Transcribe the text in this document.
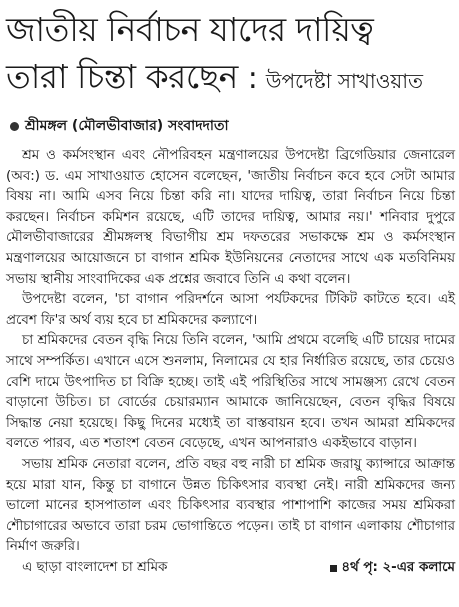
জাতীয় নির্বাচন যাদের দায়িত্ব
তারা চিন্তা করছেন : উপদেষ্টা সাখাওয়াত
শ্রীমঙ্গল (মৌলভীবাজার) সংবাদদাতা

শ্রম ও কর্মসংস্থান এবং নৌপরিবহন মন্ত্রণালয়ের উপদেষ্টা ব্রিগেডিয়ার জেনারেল (অব:) ড. এম সাখাওয়াত হোসেন বলেছেন, 'জাতীয় নির্বাচন কবে হবে সেটা আমার বিষয় না। আমি এসব নিয়ে চিন্তা করি না। যাদের দায়িত্ব, তারা নির্বাচন নিয়ে চিন্তা করছেন। নির্বাচন কমিশন রয়েছে, এটি তাদের দায়িত্ব, আমার নয়।' শনিবার দুপুরে মৌলভীবাজারের শ্রীমঙ্গলস্থ বিভাগীয় শ্রম দফতরের সভাকক্ষে শ্রম ও কর্মসংস্থান মন্ত্রণালয়ের আয়োজনে চা বাগান শ্রমিক ইউনিয়নের নেতাদের সাথে এক মতবিনিময় সভায় স্থানীয় সাংবাদিকের এক প্রশ্নের জবাবে তিনি এ কথা বলেন।

উপদেষ্টা বলেন, 'চা বাগান পরিদর্শনে আসা পর্যটকদের টিকিট কাটতে হবে। এই প্রবেশ ফি'র অর্থ ব্যয় হবে চা শ্রমিকদের কল্যাণে।

চা শ্রমিকদের বেতন বৃদ্ধি নিয়ে তিনি বলেন, 'আমি প্রথমে বলেছি এটি চায়ের দামের সাথে সম্পর্কিত। এখানে এসে শুনলাম, নিলামের যে হার নির্ধারিত রয়েছে, তার চেয়েও বেশি দামে উৎপাদিত চা বিক্রি হচ্ছে। তাই এই পরিস্থিতির সাথে সামঞ্জস্য রেখে বেতন বাড়ানো উচিত। চা বোর্ডের চেয়ারম্যান আমাকে জানিয়েছেন, বেতন বৃদ্ধির বিষয়ে সিদ্ধান্ত নেয়া হয়েছে। কিছু দিনের মধ্যেই তা বাস্তবায়ন হবে। তখন আমরা শ্রমিকদের বলতে পারব, এত শতাংশ বেতন বেড়েছে, এখন আপনারাও একইভাবে বাড়ান।

সভায় শ্রমিক নেতারা বলেন, প্রতি বছর বহু নারী চা শ্রমিক জরায়ু ক্যান্সারে আক্রান্ত হয়ে মারা যান, কিন্তু চা বাগানে উন্নত চিকিৎসার ব্যবস্থা নেই। নারী শ্রমিকদের জন্য ভালো মানের হাসপাতাল এবং চিকিৎসার ব্যবস্থার পাশাপাশি কাজের সময় শ্রমিকরা শৌচাগারের অভাবে তারা চরম ভোগান্তিতে পড়েন। তাই চা বাগান এলাকায় শৌচাগার নির্মাণ জরুরি।

এ ছাড়া বাংলাদেশ চা শ্রমিক	৪র্থ পৃ: ২-এর কলামে
